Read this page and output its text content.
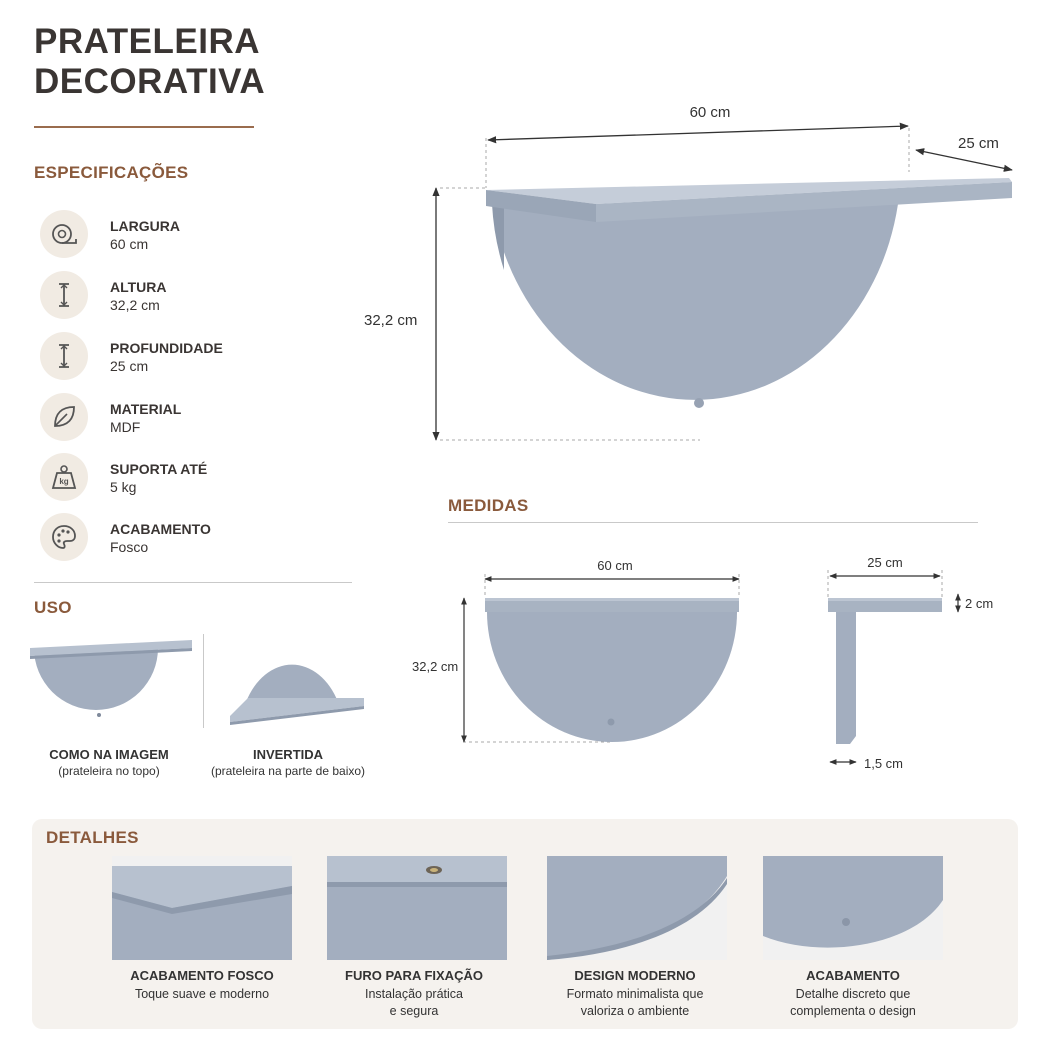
PRATELEIRA
DECORATIVA
ESPECIFICAÇÕES
LARGURA
60 cm
ALTURA
32,2 cm
PROFUNDIDADE
25 cm
MATERIAL
MDF
kg
SUPORTA ATÉ
5 kg
ACABAMENTO
Fosco
USO
COMO NA IMAGEM
(prateleira no topo)
INVERTIDA
(prateleira na parte de baixo)
60 cm
25 cm
32,2 cm
MEDIDAS
60 cm
32,2 cm
25 cm
2 cm
1,5 cm
DETALHES
ACABAMENTO FOSCO
Toque suave e moderno
FURO PARA FIXAÇÃO
Instalação prática
e segura
DESIGN MODERNO
Formato minimalista que
valoriza o ambiente
ACABAMENTO
Detalhe discreto que
complementa o design
